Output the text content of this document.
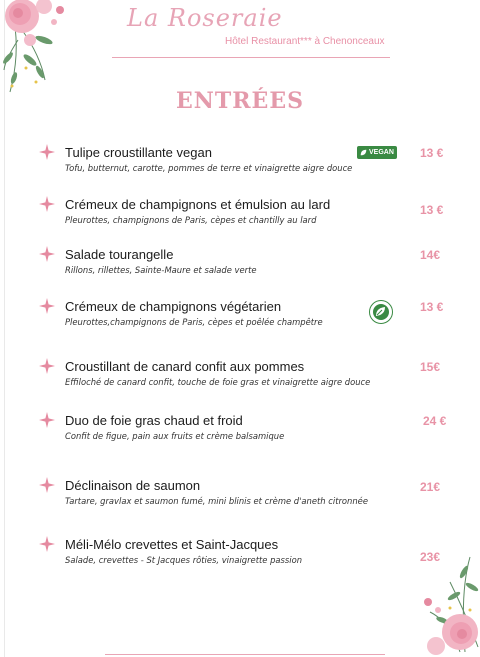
La Roseraie
Hôtel Restaurant*** à Chenonceaux
ENTRÉES
Tulipe croustillante vegan
Tofu, butternut, carotte, pommes de terre et vinaigrette aigre douce
VEGAN 13 €
Crémeux de champignons et émulsion au lard
Pleurottes, champignons de Paris, cèpes et chantilly au lard
13 €
Salade tourangelle
Rillons, rillettes, Sainte-Maure et salade verte
14€
Crémeux de champignons végétarien
Pleurottes,champignons de Paris, cèpes et poêlée champêtre
13 €
Croustillant de canard confit aux pommes
Effiloché de canard confit, touche de foie gras et vinaigrette aigre douce
15€
Duo de foie gras chaud et froid
Confit de figue, pain aux fruits et crème balsamique
24 €
Déclinaison de saumon
Tartare, gravlax et saumon fumé, mini blinis et crème d'aneth citronnée
21€
Méli-Mélo crevettes et Saint-Jacques
Salade, crevettes - St Jacques rôties, vinaigrette passion	23€
